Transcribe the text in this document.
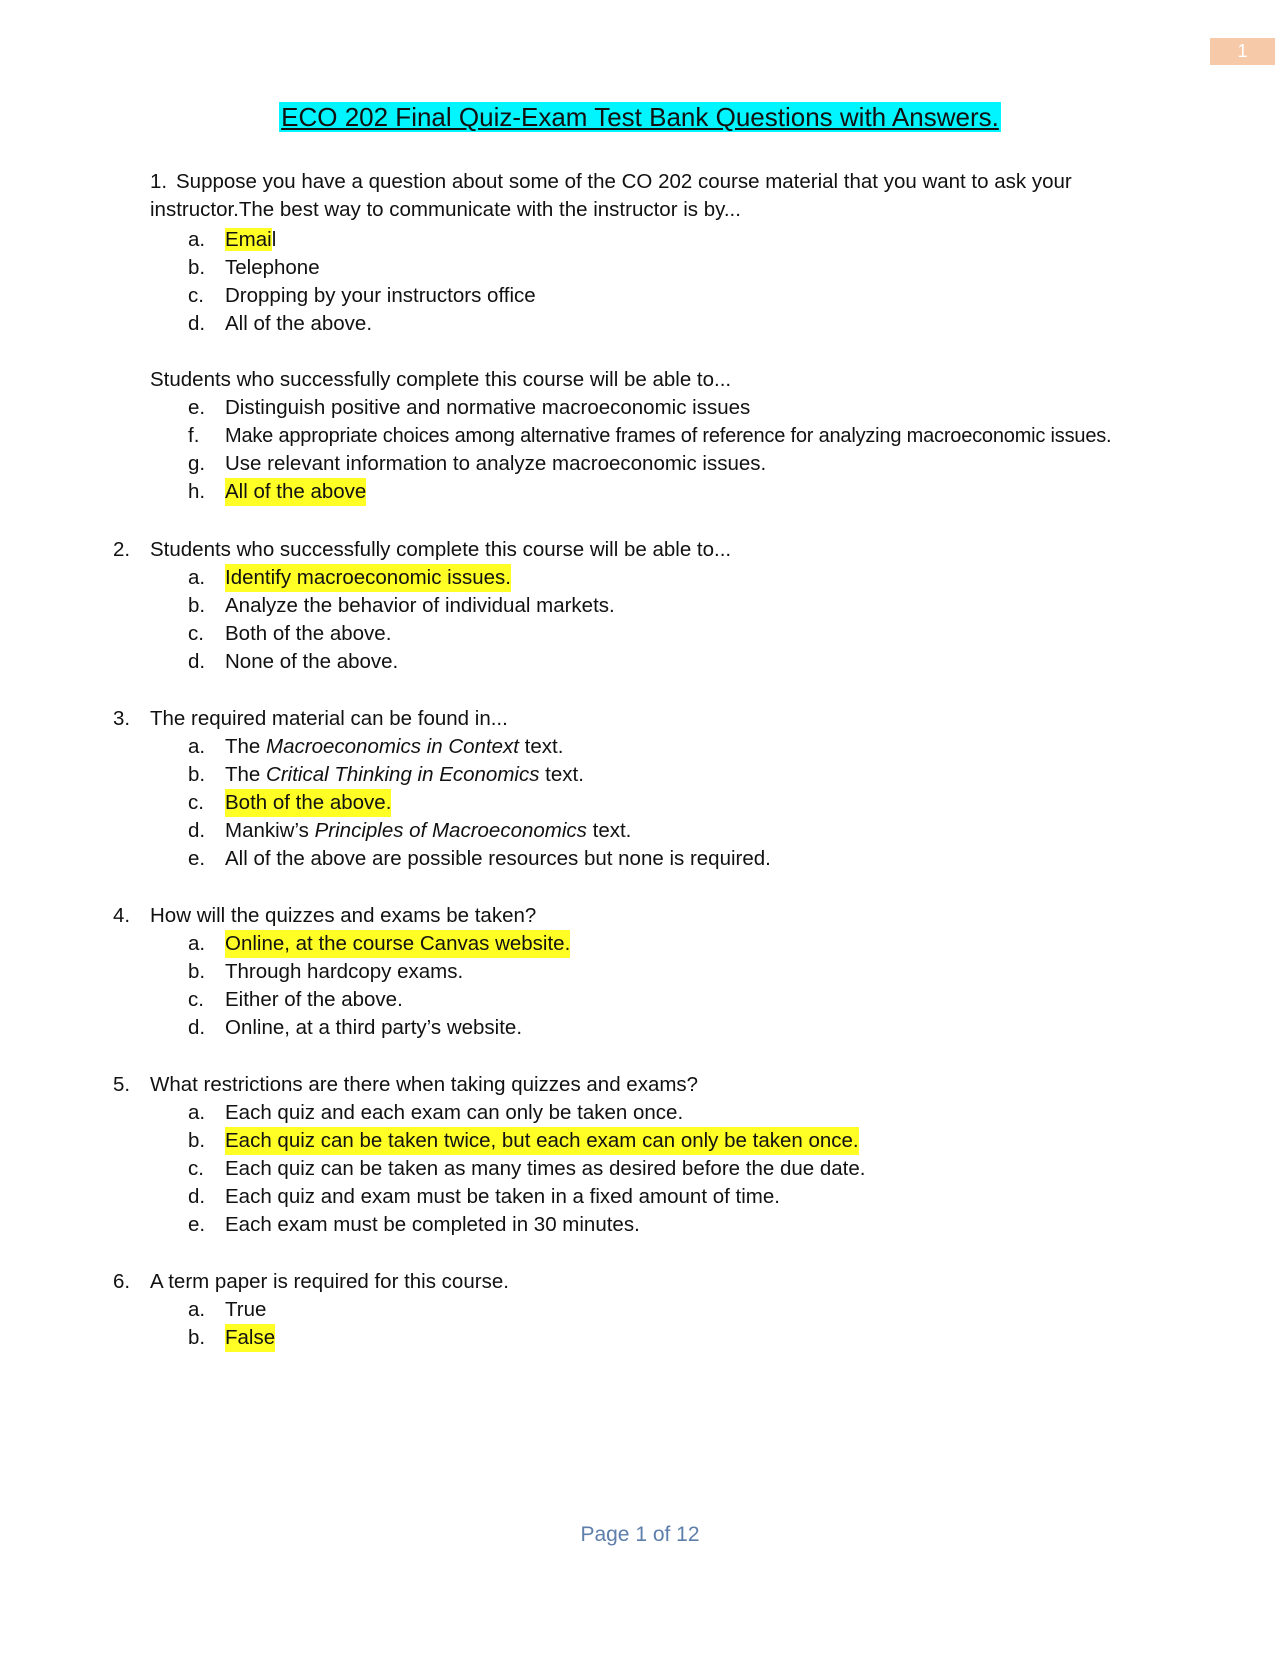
1
ECO 202 Final Quiz-Exam Test Bank Questions with Answers.
1. Suppose you have a question about some of the CO 202 course material that you want to ask your
instructor.The best way to communicate with the instructor is by...
a. Email
b. Telephone
c.	Dropping by your instructors office
d. All of the above.
Students who successfully complete this course will be able to...
e. Distinguish positive and normative macroeconomic issues
f.	Make appropriate choices among alternative frames of reference for analyzing macroeconomic issues.
g. Use relevant information to analyze macroeconomic issues.
h. All of the above
2. Students who successfully complete this course will be able to...
a. Identify macroeconomic issues.
b. Analyze the behavior of individual markets.
c.	Both of the above.
d. None of the above.
3. The required material can be found in...
a. The Macroeconomics in Context text.
b. The Critical Thinking in Economics text.
c.	Both of the above.
d. Mankiw’s Principles of Macroeconomics text.
e. All of the above are possible resources but none is required.
4. How will the quizzes and exams be taken?
a. Online, at the course Canvas website.
b. Through hardcopy exams.
c.	Either of the above.
d. Online, at a third party’s website.
5. What restrictions are there when taking quizzes and exams?
a. Each quiz and each exam can only be taken once.
b. Each quiz can be taken twice, but each exam can only be taken once.
c.	Each quiz can be taken as many times as desired before the due date.
d. Each quiz and exam must be taken in a fixed amount of time.
e. Each exam must be completed in 30 minutes.
6. A term paper is required for this course.
a. True
b. False
Page 1 of 12
